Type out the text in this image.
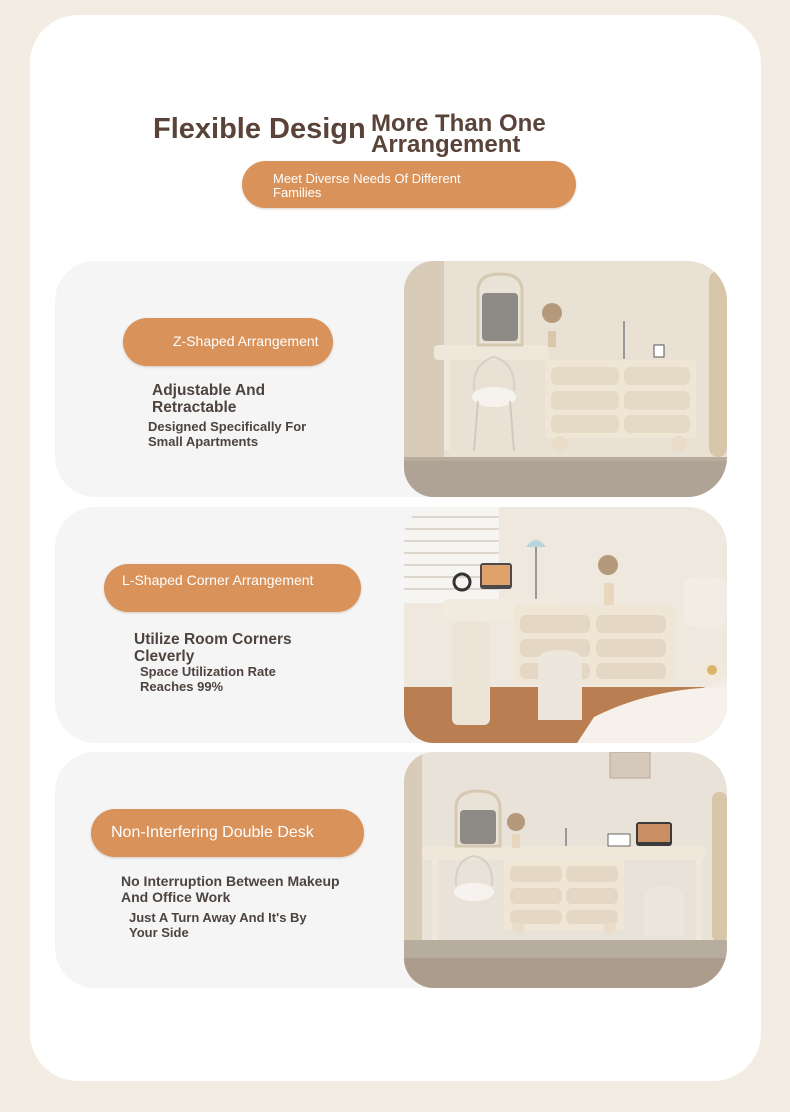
Flexible Design More Than One Arrangement
Meet Diverse Needs Of Different Families
Z-Shaped Arrangement
Adjustable And Retractable
Designed Specifically For Small Apartments
L-Shaped Corner Arrangement
Utilize Room Corners Cleverly
Space Utilization Rate Reaches 99%
Non-Interfering Double Desk
No Interruption Between Makeup And Office Work
Just A Turn Away And It's By Your Side
